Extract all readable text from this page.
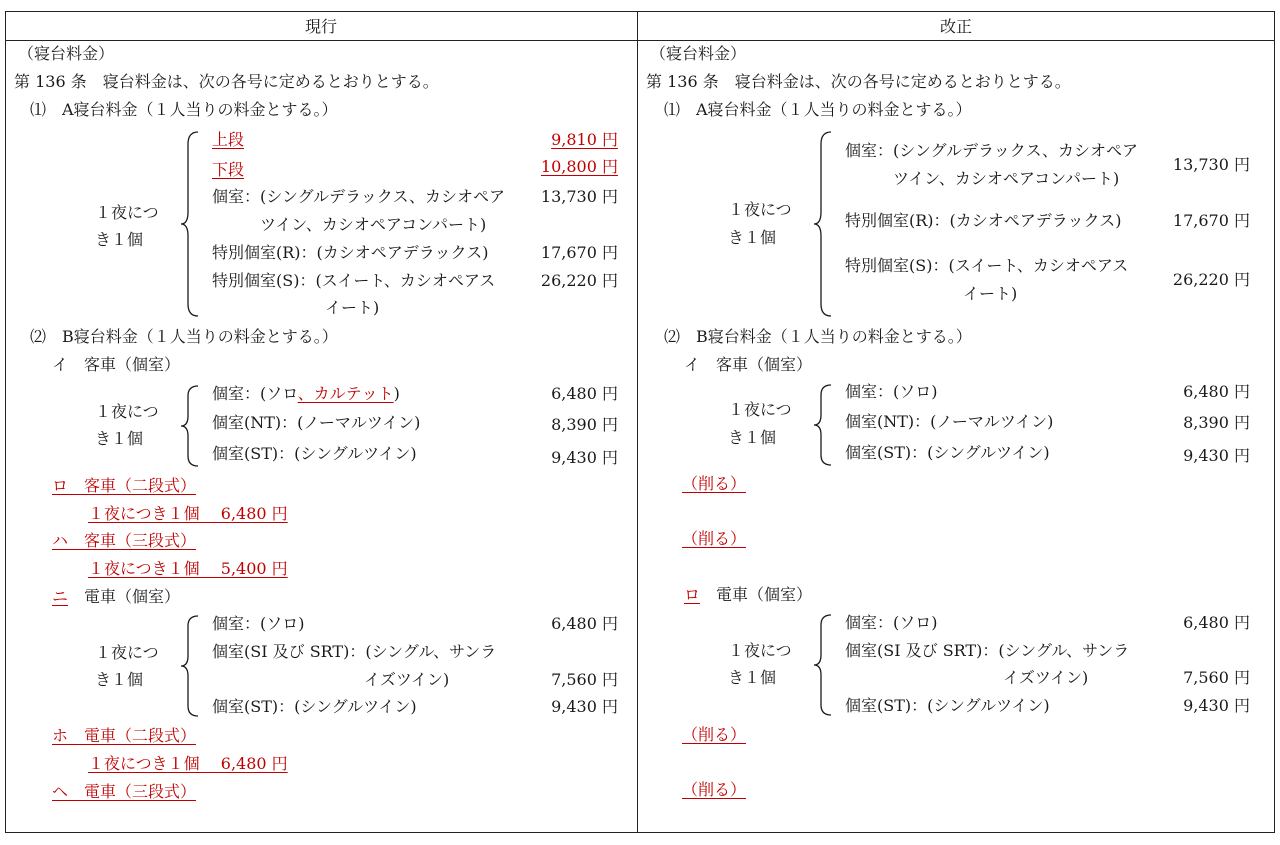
現行	改正
（寝台料金）
第 136 条　寝台料金は、次の各号に定めるとおりとする。
⑴　A寝台料金（１人当りの料金とする。）
１夜につ
き１個
上段	9,810 円
下段	10,800 円
個室：(シングルデラックス、カシオペア
ツイン、カシオペアコンパート)
13,730 円
特別個室(R)：(カシオペアデラックス)	17,670 円
特別個室(S)：(スイート、カシオペアス
イート)
26,220 円
⑵　B寝台料金（１人当りの料金とする。）
イ　客車（個室）
１夜につ
き１個
個室：(ソロ、カルテット)	6,480 円
個室(NT)：(ノーマルツイン)	8,390 円
個室(ST)：(シングルツイン)	9,430 円
ロ　客車（二段式）
１夜につき１個　 6,480 円
ハ　客車（三段式）
１夜につき１個　 5,400 円
ニ　 電車（個室）
１夜につ
き１個
個室：(ソロ)	6,480 円
個室(SI 及び SRT)：(シングル、サンラ
イズツイン)	7,560 円
個室(ST)：(シングルツイン)	9,430 円
ホ　電車（二段式）
１夜につき１個　 6,480 円
ヘ　電車（三段式）
（寝台料金）
第 136 条　寝台料金は、次の各号に定めるとおりとする。
⑴　A寝台料金（１人当りの料金とする。）
１夜につ
き１個
個室：(シングルデラックス、カシオペア
ツイン、カシオペアコンパート)
13,730 円
特別個室(R)：(カシオペアデラックス)	17,670 円
特別個室(S)：(スイート、カシオペアス
イート)
26,220 円
⑵　B寝台料金（１人当りの料金とする。）
イ　客車（個室）
１夜につ
き１個
個室：(ソロ)	6,480 円
個室(NT)：(ノーマルツイン)	8,390 円
個室(ST)：(シングルツイン)	9,430 円
（削る）
（削る）
ロ　 電車（個室）
１夜につ
き１個
個室：(ソロ)	6,480 円
個室(SI 及び SRT)：(シングル、サンラ
イズツイン)	7,560 円
個室(ST)：(シングルツイン)	9,430 円
（削る）
（削る）
